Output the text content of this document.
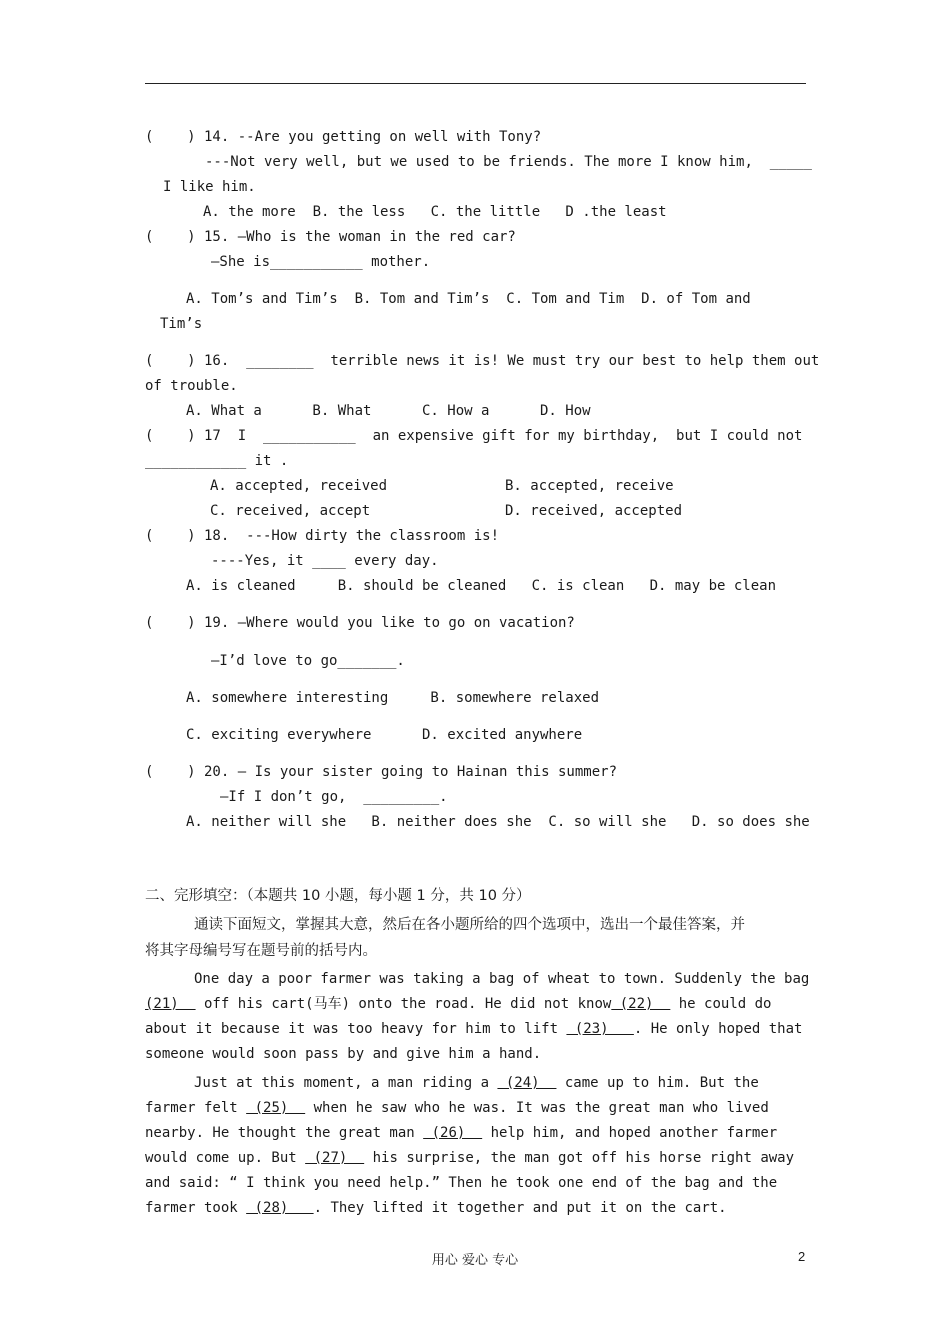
(    ) 14. --Are you getting on well with Tony?
---Not very well, but we used to be friends. The more I know him,  _____
I like him.
A. the more  B. the less   C. the little   D .the least
(    ) 15. —Who is the woman in the red car?
—She is___________ mother.
A. Tom’s and Tim’s  B. Tom and Tim’s  C. Tom and Tim  D. of Tom and
Tim’s
(    ) 16.  ________  terrible news it is! We must try our best to help them out
of trouble.
A. What a      B. What      C. How a      D. How
(    ) 17  I  ___________  an expensive gift for my birthday,  but I could not
____________ it .
A. accepted, received              B. accepted, receive
C. received, accept                D. received, accepted
(    ) 18.  ---How dirty the classroom is!
----Yes, it ____ every day.
A. is cleaned     B. should be cleaned   C. is clean   D. may be clean
(    ) 19. —Where would you like to go on vacation?
—I’d love to go_______.
A. somewhere interesting     B. somewhere relaxed
C. exciting everywhere      D. excited anywhere
(    ) 20. — Is your sister going to Hainan this summer?
—If I don’t go,  _________.
A. neither will she   B. neither does she  C. so will she   D. so does she
二、完形填空：（本题共 10 小题，每小题 1 分，共 10 分）
通读下面短文，掌握其大意，然后在各小题所给的四个选项中，选出一个最佳答案，并
将其字母编号写在题号前的括号内。
One day a poor farmer was taking a bag of wheat to town. Suddenly the bag
(21)   off his cart(马车) onto the road. He did not know (22)   he could do
about it because it was too heavy for him to lift  (23)   . He only hoped that
someone would soon pass by and give him a hand.
Just at this moment, a man riding a  (24)   came up to him. But the
farmer felt  (25)   when he saw who he was. It was the great man who lived
nearby. He thought the great man  (26)   help him, and hoped another farmer
would come up. But  (27)   his surprise, the man got off his horse right away
and said: “ I think you need help.” Then he took one end of the bag and the
farmer took  (28)   . They lifted it together and put it on the cart.
用心 爱心 专心	2
